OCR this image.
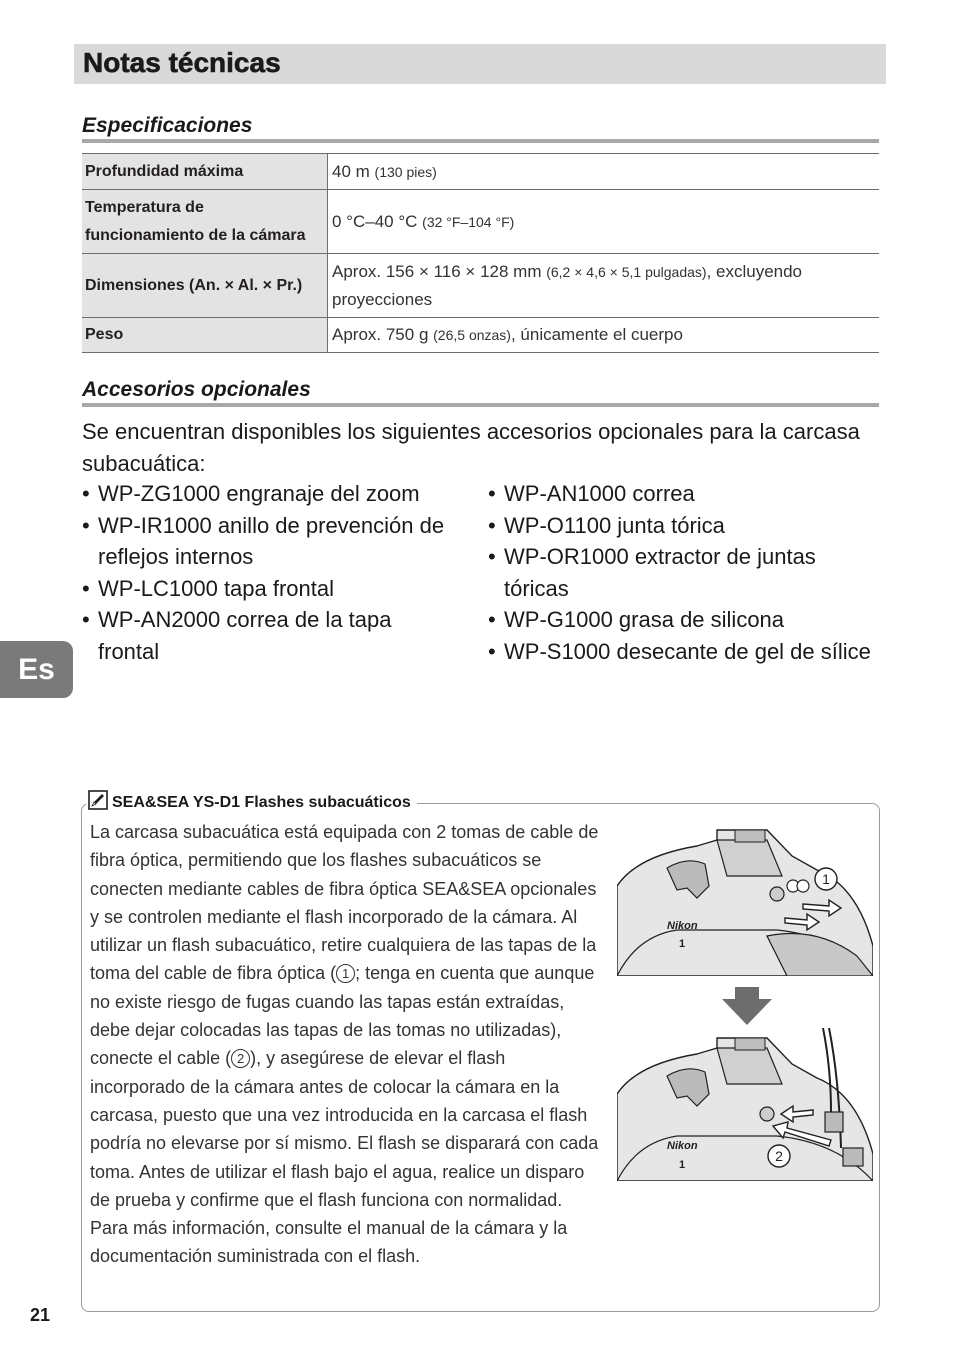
Notas técnicas
Especificaciones
Profundidad máxima	40 m (130 pies)
Temperatura de
funcionamiento de la cámara	0 °C–40 °C (32 °F–104 °F)
Dimensiones (An. × Al. × Pr.)	Aprox. 156 × 116 × 128 mm (6,2 × 4,6 × 5,1 pulgadas), excluyendo proyecciones
Peso	Aprox. 750 g (26,5 onzas), únicamente el cuerpo
Accesorios opcionales
Se encuentran disponibles los siguientes accesorios opcionales para la carcasa subacuática:
• WP-ZG1000 engranaje del zoom
• WP-IR1000 anillo de prevención de reflejos internos
• WP-LC1000 tapa frontal
• WP-AN2000 correa de la tapa frontal
• WP-AN1000 correa
• WP-O1100 junta tórica
• WP-OR1000 extractor de juntas tóricas
• WP-G1000 grasa de silicona
• WP-S1000 desecante de gel de sílice
Es
SEA&SEA YS-D1 Flashes subacuáticos
La carcasa subacuática está equipada con 2 tomas de cable de fibra óptica, permitiendo que los flashes subacuáticos se conecten mediante cables de fibra óptica SEA&SEA opcionales y se controlen mediante el flash incorporado de la cámara. Al utilizar un flash subacuático, retire cualquiera de las tapas de la toma del cable de fibra óptica ( 1 ; tenga en cuenta que aunque no existe riesgo de fugas cuando las tapas están extraídas, debe dejar colocadas las tapas de las tomas no utilizadas), conecte el cable ( 2 ), y asegúrese de elevar el flash incorporado de la cámara antes de colocar la cámara en la carcasa, puesto que una vez introducida en la carcasa el flash podría no elevarse por sí mismo. El flash se disparará con cada toma. Antes de utilizar el flash bajo el agua, realice un disparo de prueba y confirme que el flash funciona con normalidad. Para más información, consulte el manual de la cámara y la documentación suministrada con el flash.
Nikon
1
1
Nikon
1
2
21
